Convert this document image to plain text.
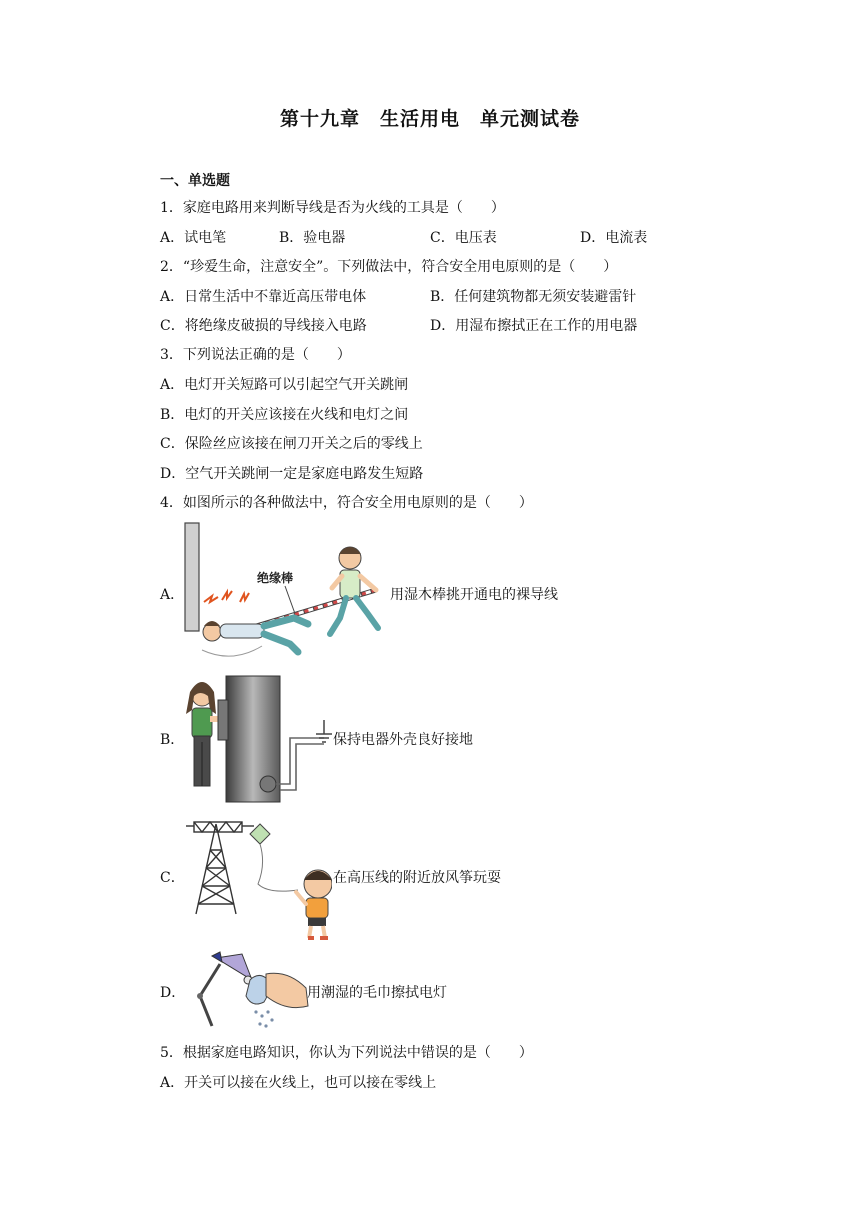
第十九章　生活用电　单元测试卷
一、单选题
1．家庭电路用来判断导线是否为火线的工具是（　　）
A．试电笔	B．验电器	C．电压表	D．电流表
2．“珍爱生命，注意安全”。下列做法中，符合安全用电原则的是（　　）
A．日常生活中不靠近高压带电体	B．任何建筑物都无须安装避雷针
C．将绝缘皮破损的导线接入电路	D．用湿布擦拭正在工作的用电器
3．下列说法正确的是（　　）
A．电灯开关短路可以引起空气开关跳闸
B．电灯的开关应该接在火线和电灯之间
C．保险丝应该接在闸刀开关之后的零线上
D．空气开关跳闸一定是家庭电路发生短路
4．如图所示的各种做法中，符合安全用电原则的是（　　）
A．
绝缘棒
用湿木棒挑开通电的裸导线
B．	保持电器外壳良好接地
C．	在高压线的附近放风筝玩耍
D．	用潮湿的毛巾擦拭电灯
5．根据家庭电路知识，你认为下列说法中错误的是（　　）
A．开关可以接在火线上，也可以接在零线上
